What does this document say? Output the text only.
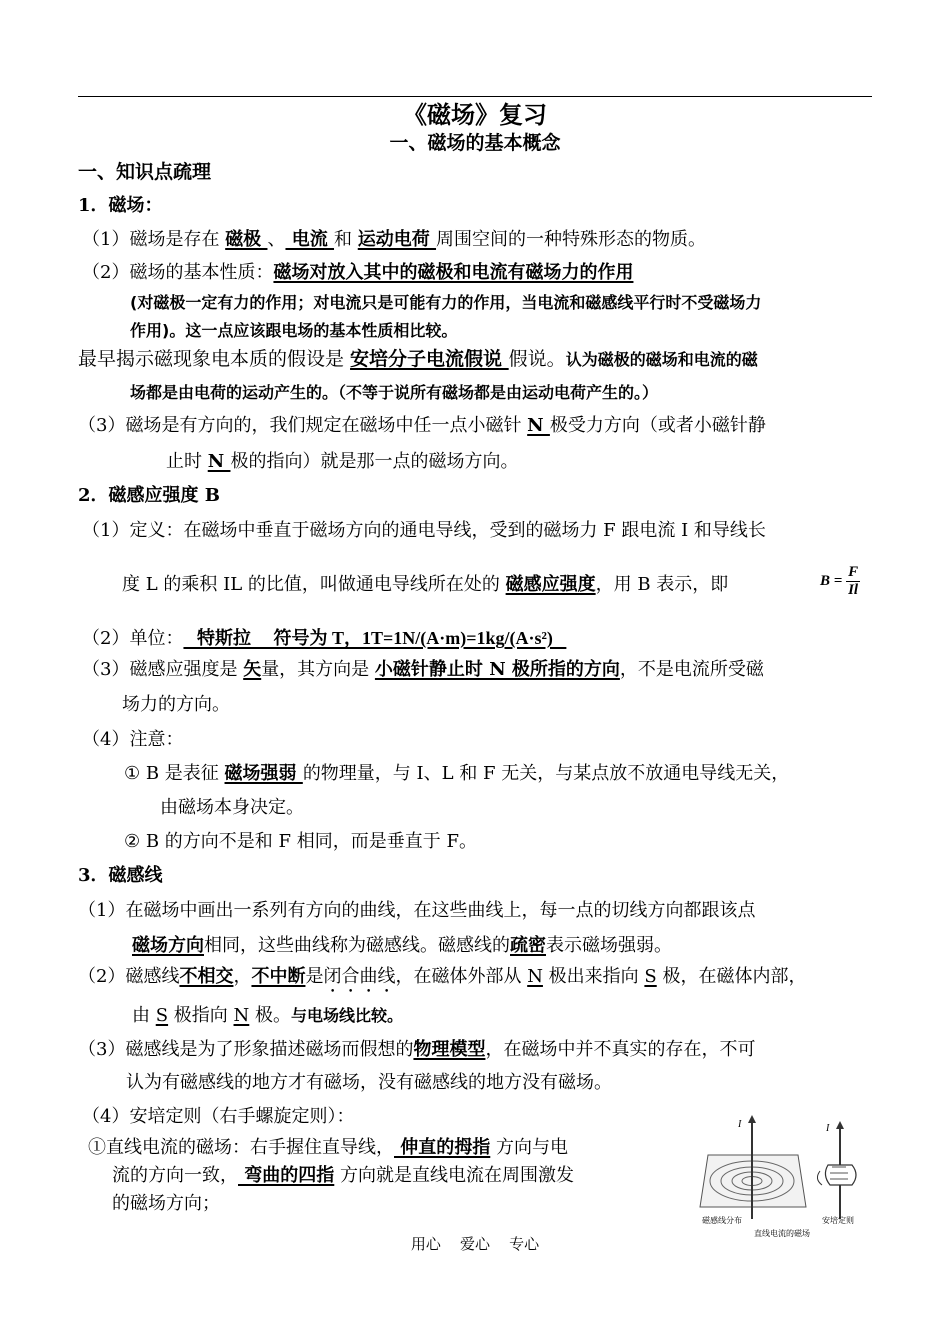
《磁场》复习
一、磁场的基本概念
一、知识点疏理
1．磁场：
（1）磁场是存在 磁极 、 电流 和 运动电荷 周围空间的一种特殊形态的物质。
（2）磁场的基本性质：磁场对放入其中的磁极和电流有磁场力的作用
(对磁极一定有力的作用；对电流只是可能有力的作用，当电流和磁感线平行时不受磁场力
作用)。这一点应该跟电场的基本性质相比较。
最早揭示磁现象电本质的假设是 安培分子电流假说 假说。认为磁极的磁场和电流的磁
场都是由电荷的运动产生的。（不等于说所有磁场都是由运动电荷产生的。）
（3）磁场是有方向的，我们规定在磁场中任一点小磁针 N 极受力方向（或者小磁针静
止时 N 极的指向）就是那一点的磁场方向。
2．磁感应强度 B
（1）定义：在磁场中垂直于磁场方向的通电导线，受到的磁场力 F 跟电流 I 和导线长
度 L 的乘积 IL 的比值，叫做通电导线所在处的 磁感应强度，用 B 表示，即	$B = \frac{F}{Il}$
（2）单位：   特斯拉     符号为 T，1T=1N/(A·m)=1kg/(A·s²)
（3）磁感应强度是 矢量，其方向是 小磁针静止时 N 极所指的方向，不是电流所受磁
场力的方向。
（4）注意：
① B 是表征 磁场强弱 的物理量，与 I、L 和 F 无关，与某点放不放通电导线无关，
由磁场本身决定。
② B 的方向不是和 F 相同，而是垂直于 F。
3．磁感线
（1）在磁场中画出一系列有方向的曲线，在这些曲线上，每一点的切线方向都跟该点
磁场方向相同，这些曲线称为磁感线。磁感线的疏密表示磁场强弱。
（2）磁感线不相交，不中断是闭合曲线，在磁体外部从 N 极出来指向 S 极，在磁体内部，
由 S 极指向 N 极。与电场线比较。
（3）磁感线是为了形象描述磁场而假想的物理模型，在磁场中并不真实的存在，不可
认为有磁感线的地方才有磁场，没有磁感线的地方没有磁场。
（4）安培定则（右手螺旋定则）：
①直线电流的磁场：右手握住直导线， 伸直的拇指 方向与电
流的方向一致， 弯曲的四指 方向就是直线电流在周围激发
的磁场方向；
I
磁感线分布
I
安培定则
直线电流的磁场
用心    爱心    专心
